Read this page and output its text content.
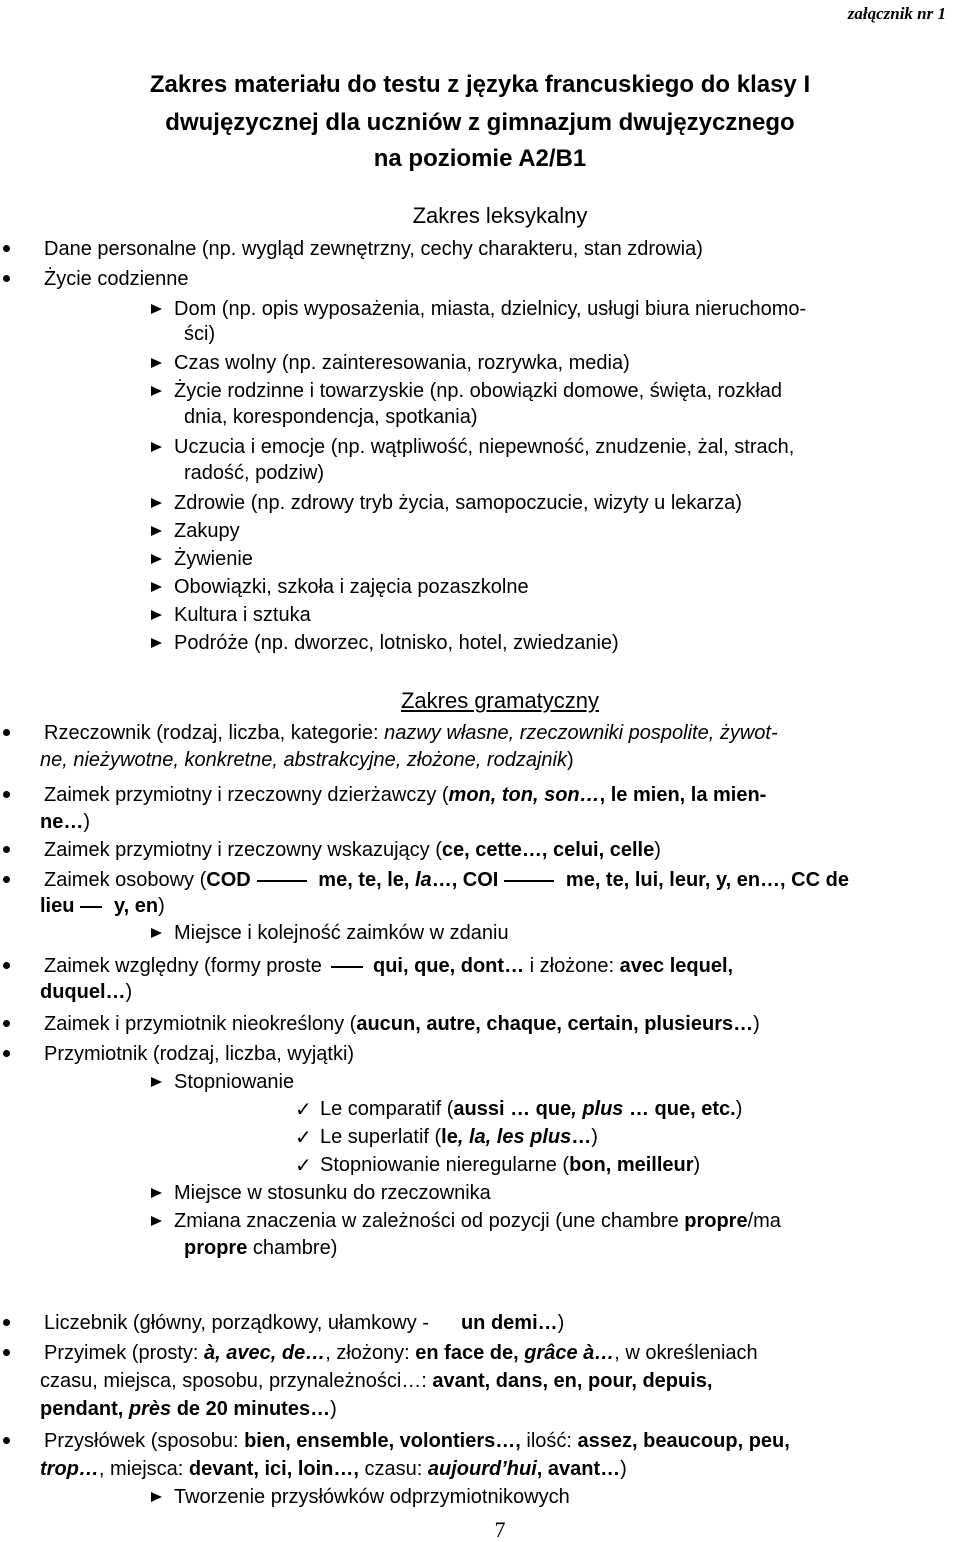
załącznik nr 1
Zakres materiału do testu z języka francuskiego do klasy I
dwujęzycznej dla uczniów z gimnazjum dwujęzycznego
na poziomie A2/B1
Zakres leksykalny
Dane personalne (np. wygląd zewnętrzny, cechy charakteru, stan zdrowia)
Życie codzienne
Dom (np. opis wyposażenia, miasta, dzielnicy, usługi biura nieruchomo-
ści)
Czas wolny (np. zainteresowania, rozrywka, media)
Życie rodzinne i towarzyskie (np. obowiązki domowe, święta, rozkład
dnia, korespondencja, spotkania)
Uczucia i emocje (np. wątpliwość, niepewność, znudzenie, żal, strach,
radość, podziw)
Zdrowie (np. zdrowy tryb życia, samopoczucie, wizyty u lekarza)
Zakupy
Żywienie
Obowiązki, szkoła i zajęcia pozaszkolne
Kultura i sztuka
Podróże (np. dworzec, lotnisko, hotel, zwiedzanie)
Zakres gramatyczny
Rzeczownik (rodzaj, liczba, kategorie: nazwy własne, rzeczowniki pospolite, żywot-
ne, nieżywotne, konkretne, abstrakcyjne, złożone, rodzajnik)
Zaimek przymiotny i rzeczowny dzierżawczy (mon, ton, son…, le mien, la mien-
ne…)
Zaimek przymiotny i rzeczowny wskazujący (ce, cette…, celui, celle)
Zaimek osobowy (COD	me, te, le, la…, COI	me, te, lui, leur, y, en…, CC de
lieu y, en)
Miejsce i kolejność zaimków w zdaniu
Zaimek względny (formy proste  qui, que, dont… i złożone: avec lequel,
duquel…)
Zaimek i przymiotnik nieokreślony (aucun, autre, chaque, certain, plusieurs…)
Przymiotnik (rodzaj, liczba, wyjątki)
Stopniowanie
✓ Le comparatif (aussi … que, plus … que, etc.)
✓ Le superlatif (le, la, les plus…)
✓ Stopniowanie nieregularne (bon, meilleur)
Miejsce w stosunku do rzeczownika
Zmiana znaczenia w zależności od pozycji (une chambre propre/ma
propre chambre)
Liczebnik (główny, porządkowy, ułamkowy - un demi…)
Przyimek (prosty: à, avec, de…, złożony: en face de, grâce à…, w określeniach
czasu, miejsca, sposobu, przynależności…: avant, dans, en, pour, depuis,
pendant, près de 20 minutes…)
Przysłówek (sposobu: bien, ensemble, volontiers…, ilość: assez, beaucoup, peu,
trop…, miejsca: devant, ici, loin…, czasu: aujourd’hui, avant…)
Tworzenie przysłówków odprzymiotnikowych
7
